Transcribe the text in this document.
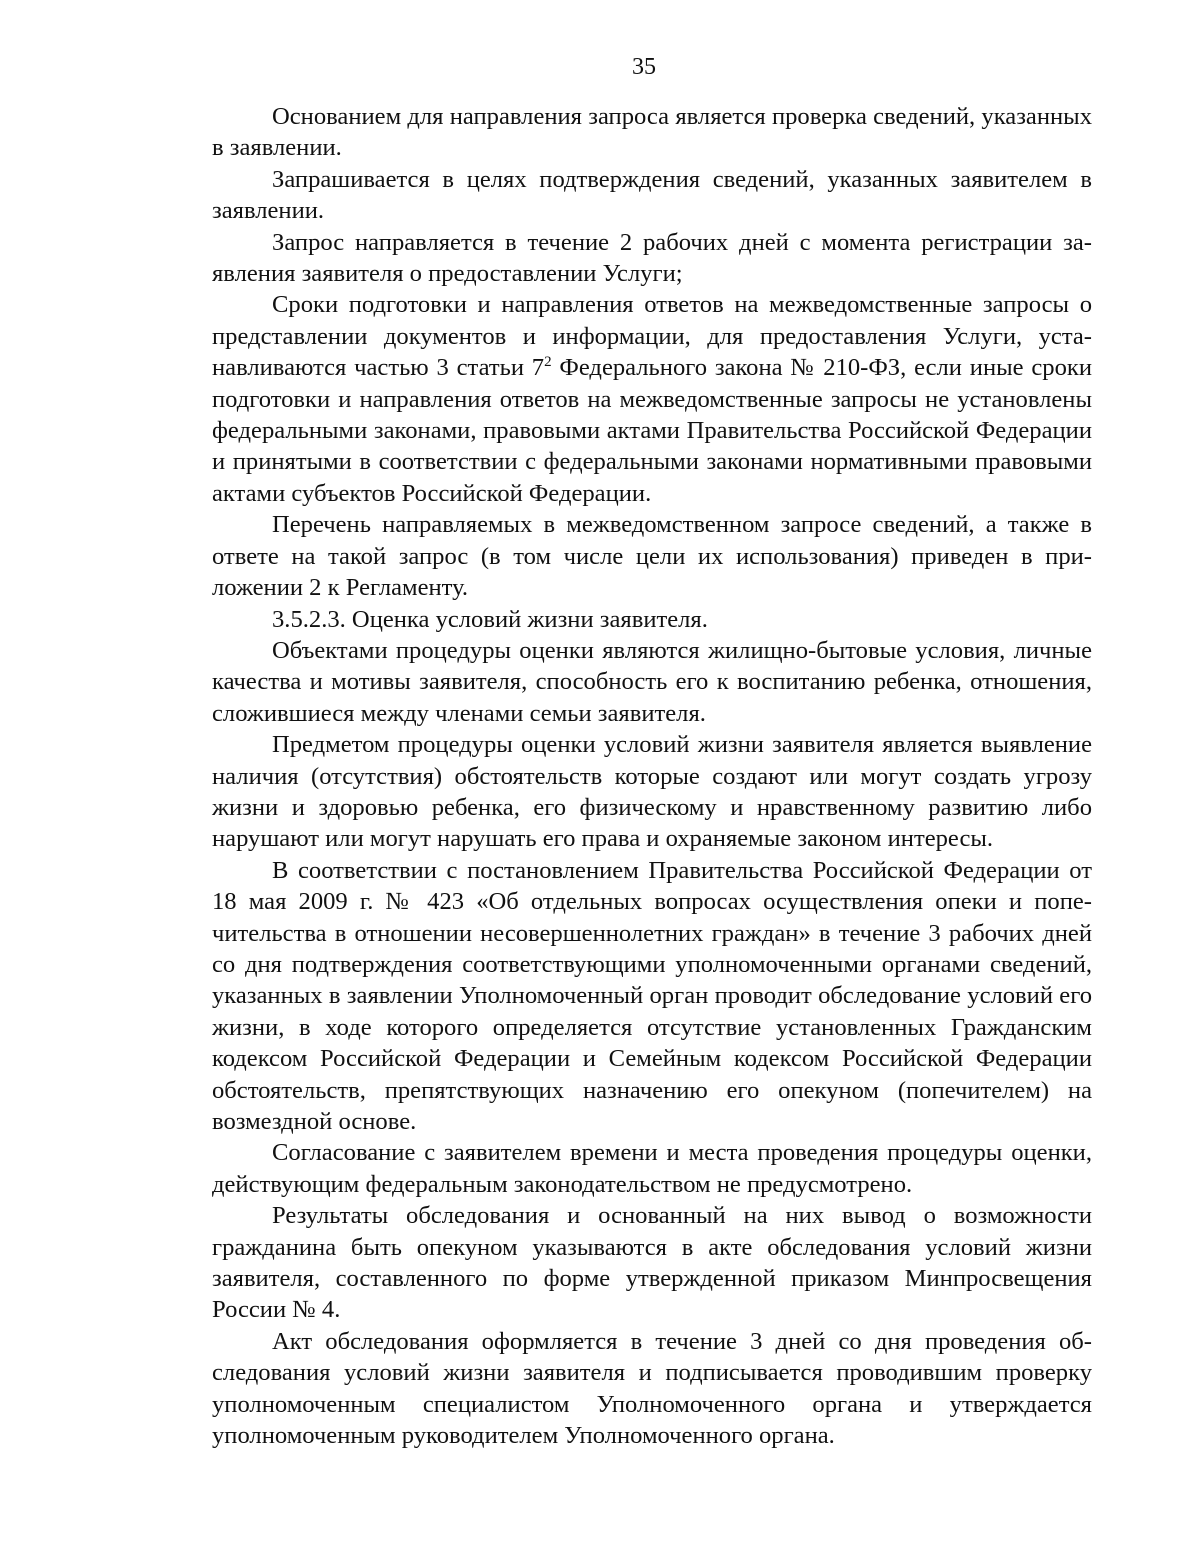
35

Основанием для направления запроса является проверка сведений, указанных в заявлении.

Запрашивается в целях подтверждения сведений, указанных заявителем в заявлении.

Запрос направляется в течение 2 рабочих дней с момента регистрации заявления заявителя о предоставлении Услуги;

Сроки подготовки и направления ответов на межведомственные запросы о представлении документов и информации, для предоставления Услуги, устанавливаются частью 3 статьи $7^2$ Федерального закона № 210-ФЗ, если иные сроки подготовки и направления ответов на межведомственные запросы не установлены федеральными законами, правовыми актами Правительства Российской Федерации и принятыми в соответствии с федеральными законами нормативными правовыми актами субъектов Российской Федерации.

Перечень направляемых в межведомственном запросе сведений, а также в ответе на такой запрос (в том числе цели их использования) приведен в приложении 2 к Регламенту.

3.5.2.3. Оценка условий жизни заявителя.

Объектами процедуры оценки являются жилищно-бытовые условия, личные качества и мотивы заявителя, способность его к воспитанию ребенка, отношения, сложившиеся между членами семьи заявителя.

Предметом процедуры оценки условий жизни заявителя является выявление наличия (отсутствия) обстоятельств которые создают или могут создать угрозу жизни и здоровью ребенка, его физическому и нравственному развитию либо нарушают или могут нарушать его права и охраняемые законом интересы.

В соответствии с постановлением Правительства Российской Федерации от 18 мая 2009 г. № 423 «Об отдельных вопросах осуществления опеки и попечительства в отношении несовершеннолетних граждан» в течение 3 рабочих дней со дня подтверждения соответствующими уполномоченными органами сведений, указанных в заявлении Уполномоченный орган проводит обследование условий его жизни, в ходе которого определяется отсутствие установленных Гражданским кодексом Российской Федерации и Семейным кодексом Российской Федерации обстоятельств, препятствующих назначению его опекуном (попечителем) на возмездной основе.

Согласование с заявителем времени и места проведения процедуры оценки, действующим федеральным законодательством не предусмотрено.

Результаты обследования и основанный на них вывод о возможности гражданина быть опекуном указываются в акте обследования условий жизни заявителя, составленного по форме утвержденной приказом Минпросвещения России № 4.

Акт обследования оформляется в течение 3 дней со дня проведения обследования условий жизни заявителя и подписывается проводившим проверку уполномоченным специалистом Уполномоченного органа и утверждается уполномоченным руководителем Уполномоченного органа.
